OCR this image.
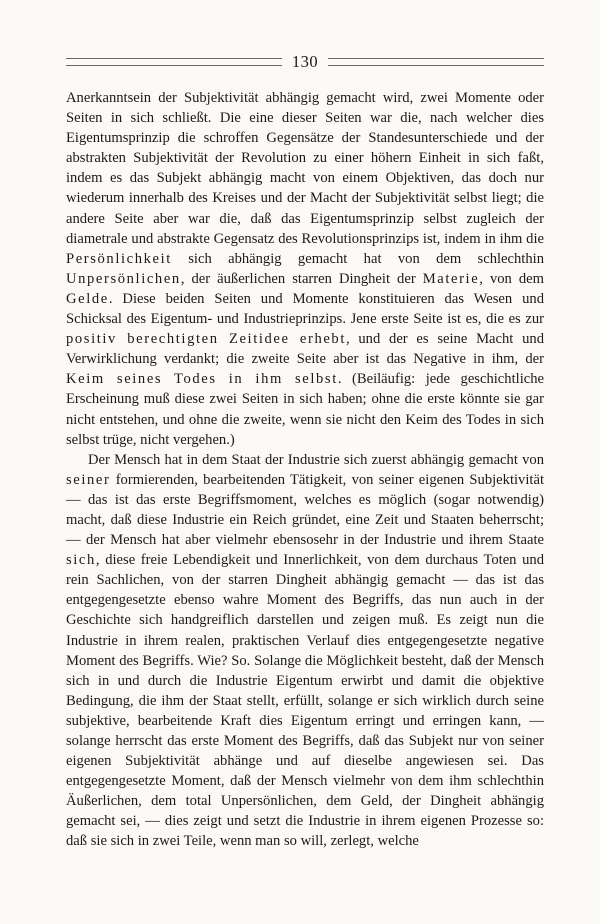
130

Anerkanntsein der Subjektivität abhängig gemacht wird, zwei Momente oder Seiten in sich schließt. Die eine dieser Seiten war die, nach welcher dies Eigentumsprinzip die schroffen Gegensätze der Standesunterschiede und der abstrakten Subjektivität der Revolution zu einer höhern Einheit in sich faßt, indem es das Subjekt abhängig macht von einem Objektiven, das doch nur wiederum innerhalb des Kreises und der Macht der Subjektivität selbst liegt; die andere Seite aber war die, daß das Eigentumsprinzip selbst zugleich der diametrale und abstrakte Gegensatz des Revolutionsprinzips ist, indem in ihm die Persönlichkeit sich abhängig gemacht hat von dem schlechthin Unpersönlichen, der äußerlichen starren Dingheit der Materie, von dem Gelde. Diese beiden Seiten und Momente konstituieren das Wesen und Schicksal des Eigentum- und Industrieprinzips. Jene erste Seite ist es, die es zur positiv berechtigten Zeitidee erhebt, und der es seine Macht und Verwirklichung verdankt; die zweite Seite aber ist das Negative in ihm, der Keim seines Todes in ihm selbst. (Beiläufig: jede geschichtliche Erscheinung muß diese zwei Seiten in sich haben; ohne die erste könnte sie gar nicht entstehen, und ohne die zweite, wenn sie nicht den Keim des Todes in sich selbst trüge, nicht vergehen.)

Der Mensch hat in dem Staat der Industrie sich zuerst abhängig gemacht von seiner formierenden, bearbeitenden Tätigkeit, von seiner eigenen Subjektivität — das ist das erste Begriffsmoment, welches es möglich (sogar notwendig) macht, daß diese Industrie ein Reich gründet, eine Zeit und Staaten beherrscht; — der Mensch hat aber vielmehr ebensosehr in der Industrie und ihrem Staate sich, diese freie Lebendigkeit und Innerlichkeit, von dem durchaus Toten und rein Sachlichen, von der starren Dingheit abhängig gemacht — das ist das entgegengesetzte ebenso wahre Moment des Begriffs, das nun auch in der Geschichte sich handgreiflich darstellen und zeigen muß. Es zeigt nun die Industrie in ihrem realen, praktischen Verlauf dies entgegengesetzte negative Moment des Begriffs. Wie? So. Solange die Möglichkeit besteht, daß der Mensch sich in und durch die Industrie Eigentum erwirbt und damit die objektive Bedingung, die ihm der Staat stellt, erfüllt, solange er sich wirklich durch seine subjektive, bearbeitende Kraft dies Eigentum erringt und erringen kann, — solange herrscht das erste Moment des Begriffs, daß das Subjekt nur von seiner eigenen Subjektivität abhänge und auf dieselbe angewiesen sei. Das entgegengesetzte Moment, daß der Mensch vielmehr von dem ihm schlechthin Äußerlichen, dem total Unpersönlichen, dem Geld, der Dingheit abhängig gemacht sei, — dies zeigt und setzt die Industrie in ihrem eigenen Prozesse so: daß sie sich in zwei Teile, wenn man so will, zerlegt, welche
